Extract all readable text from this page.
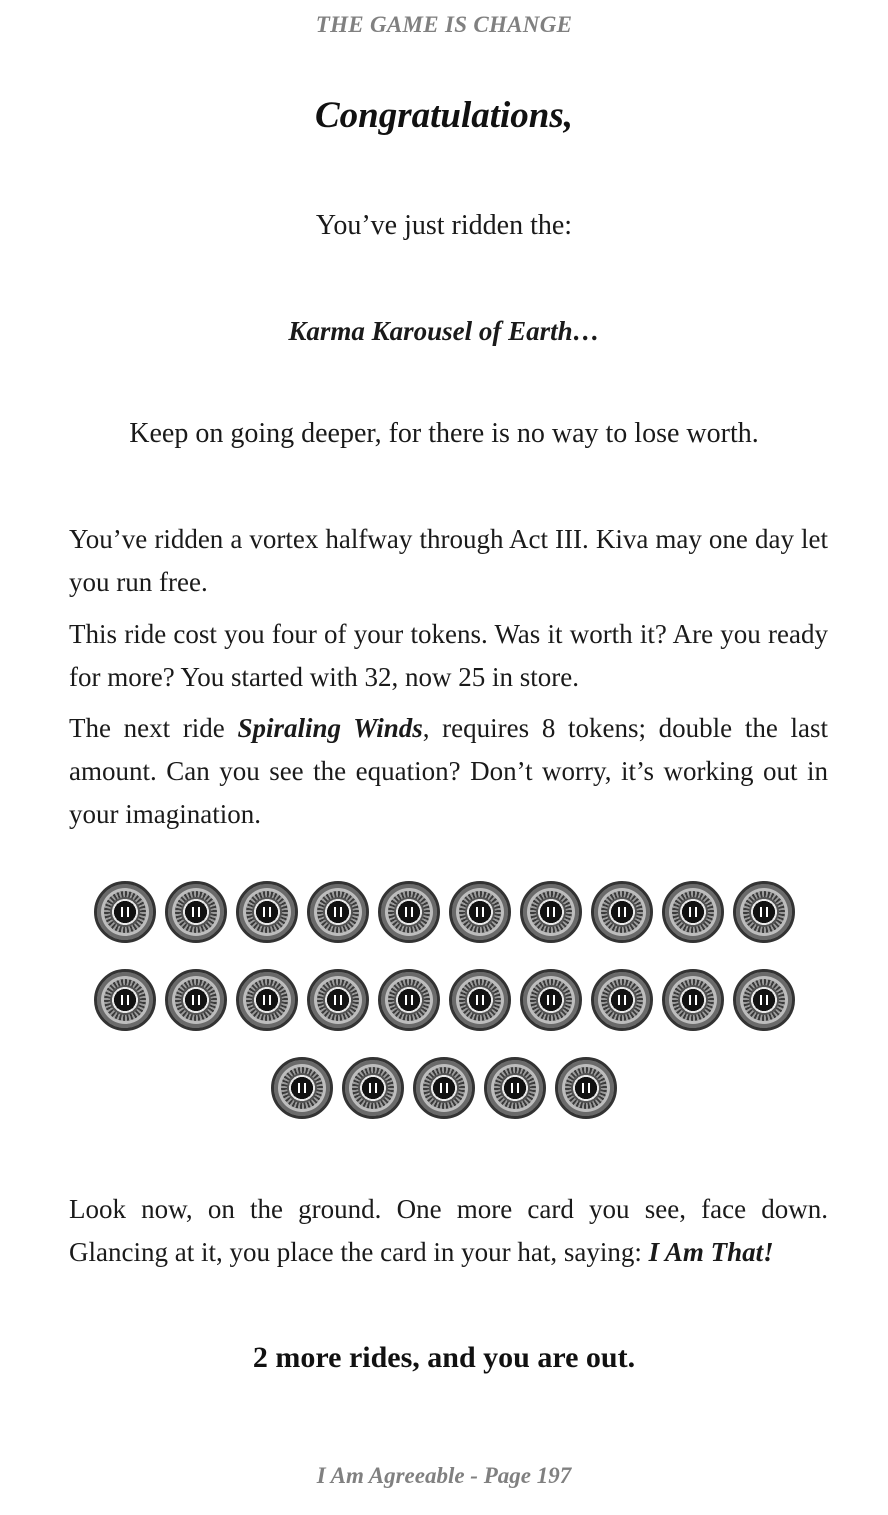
THE GAME IS CHANGE
Congratulations,
You’ve just ridden the:
Karma Karousel of Earth…
Keep on going deeper, for there is no way to lose worth.

You’ve ridden a vortex halfway through Act III. Kiva may one day let you run free.

This ride cost you four of your tokens. Was it worth it? Are you ready for more? You started with 32, now 25 in store.

The next ride Spiraling Winds, requires 8 tokens; double the last amount. Can you see the equation? Don’t worry, it’s working out in your imagination.

Look now, on the ground. One more card you see, face down. Glancing at it, you place the card in your hat, saying: I Am That!

2 more rides, and you are out.
I Am Agreeable - Page 197
